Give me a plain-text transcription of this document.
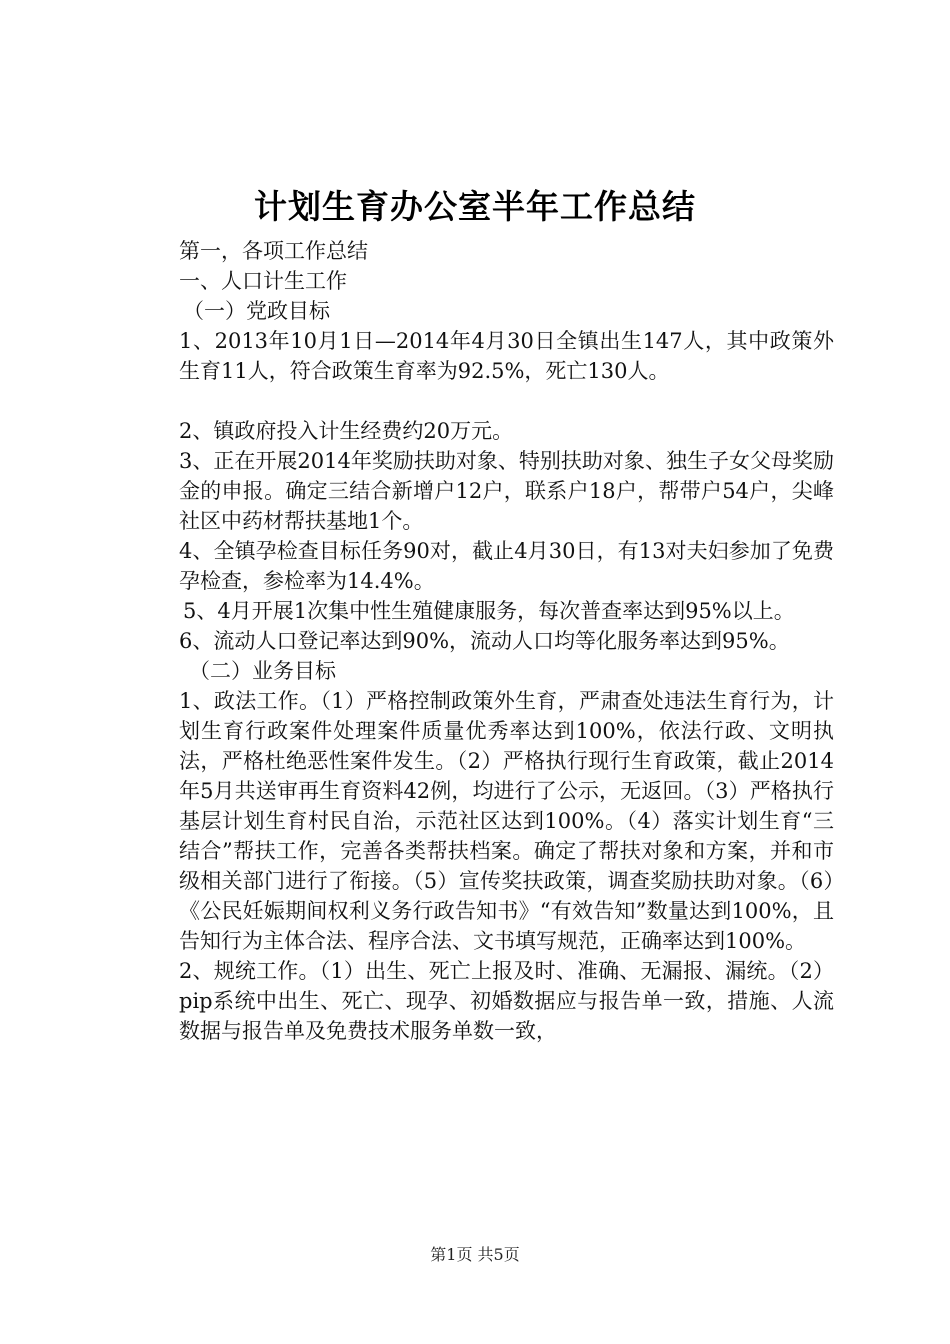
计划生育办公室半年工作总结

第一，各项工作总结

一、人口计生工作

（一）党政目标

1、2013年10月1日—2014年4月30日全镇出生147人，其中政策外生育11人，符合政策生育率为92.5%，死亡130人。

2、镇政府投入计生经费约20万元。

3、正在开展2014年奖励扶助对象、特别扶助对象、独生子女父母奖励金的申报。确定三结合新增户12户，联系户18户，帮带户54户，尖峰社区中药材帮扶基地1个。

4、全镇孕检查目标任务90对，截止4月30日，有13对夫妇参加了免费孕检查，参检率为14.4%。

5、4月开展1次集中性生殖健康服务，每次普查率达到95%以上。

6、流动人口登记率达到90%，流动人口均等化服务率达到95%。

（二）业务目标

1、政法工作。（1）严格控制政策外生育，严肃查处违法生育行为，计划生育行政案件处理案件质量优秀率达到100%，依法行政、文明执法，严格杜绝恶性案件发生。（2）严格执行现行生育政策，截止2014年5月共送审再生育资料42例，均进行了公示，无返回。（3）严格执行基层计划生育村民自治，示范社区达到100%。（4）落实计划生育“三结合”帮扶工作，完善各类帮扶档案。确定了帮扶对象和方案，并和市级相关部门进行了衔接。（5）宣传奖扶政策，调查奖励扶助对象。（6）《公民妊娠期间权利义务行政告知书》“有效告知”数量达到100%，且告知行为主体合法、程序合法、文书填写规范，正确率达到100%。

2、规统工作。（1）出生、死亡上报及时、准确、无漏报、漏统。（2）pip系统中出生、死亡、现孕、初婚数据应与报告单一致，措施、人流数据与报告单及免费技术服务单数一致，

第1页 共5页
